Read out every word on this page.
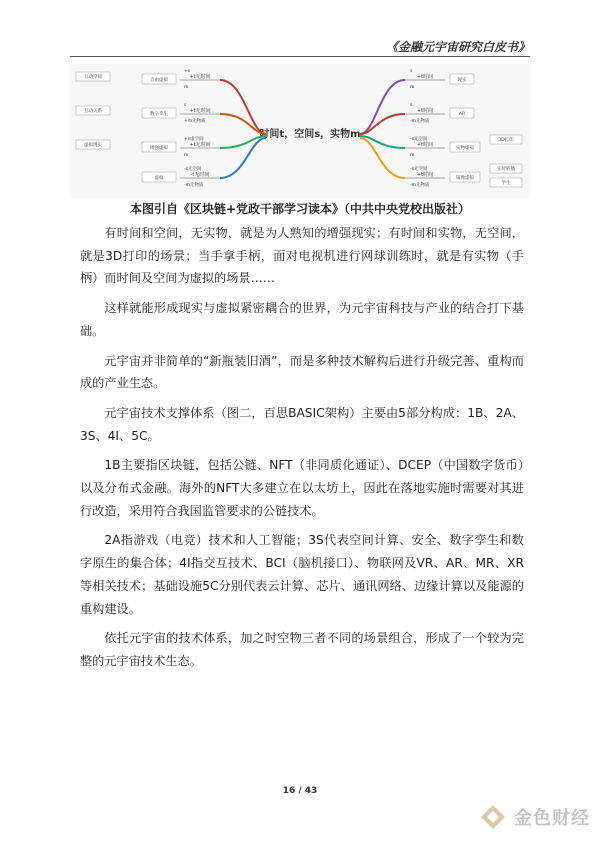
《金融元宇宙研究白皮书》
时间t，空间s，实物m
+t无时间
+s
m
自由虚拟
互动空间
+t无时间
s
+m无物质
数字孪生
互动关系
+t无时间
+s虚空间
m
增强虚拟
虚拟现实
-t无时间
-s无空间
-m无物质
虚拟
+t时间
s
m
现实
+t时间
s
-m无物质
AR
+t时间
-s无空间
m
实物虚拟
3D打印
+t时间
-s无空间
-m无物质
镜像虚拟
实时转播
学生
本图引自《区块链+党政干部学习读本》（中共中央党校出版社）

有时间和空间，无实物，就是为人熟知的增强现实；有时间和实物，无空间，就是3D打印的场景；当手拿手柄，面对电视机进行网球训练时，就是有实物（手柄）而时间及空间为虚拟的场景……

这样就能形成现实与虚拟紧密耦合的世界，为元宇宙科技与产业的结合打下基础。

元宇宙并非简单的“新瓶装旧酒”，而是多种技术解构后进行升级完善、重构而成的产业生态。

元宇宙技术支撑体系（图二，百思BASIC架构）主要由5部分构成：1B、2A、3S、4I、5C。

1B主要指区块链，包括公链、NFT（非同质化通证）、DCEP（中国数字货币）以及分布式金融。海外的NFT大多建立在以太坊上，因此在落地实施时需要对其进行改造，采用符合我国监管要求的公链技术。

2A指游戏（电竞）技术和人工智能；3S代表空间计算、安全、数字孪生和数字原生的集合体；4I指交互技术、BCI（脑机接口）、物联网及VR、AR、MR、XR等相关技术；基础设施5C分别代表云计算、芯片、通讯网络、边缘计算以及能源的重构建设。

依托元宇宙的技术体系，加之时空物三者不同的场景组合，形成了一个较为完整的元宇宙技术生态。

16 / 43
金色财经
